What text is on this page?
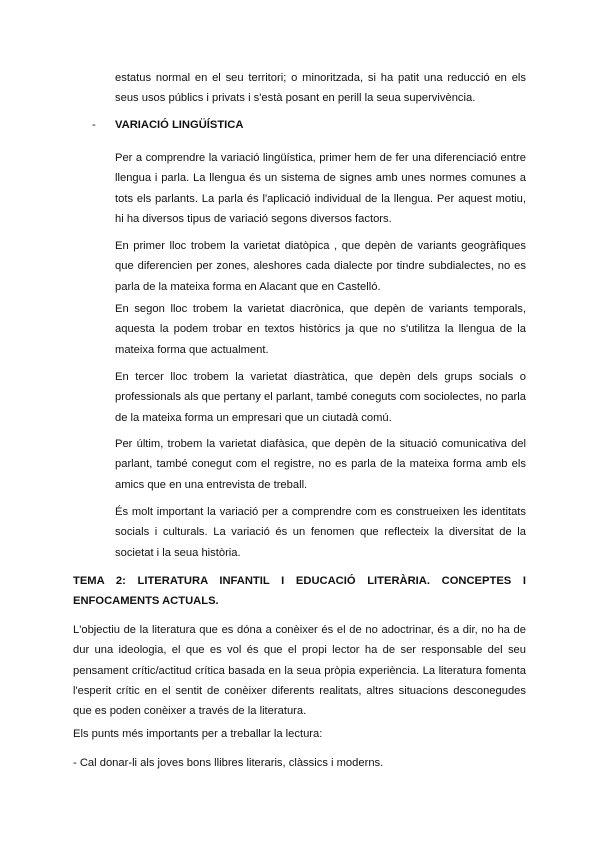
estatus normal en el seu territori; o minoritzada, si ha patit una reducció en els seus usos públics i privats i s'està posant en perill la seua supervivència.

- VARIACIÓ LINGÜÍSTICA

Per a comprendre la variació lingüística, primer hem de fer una diferenciació entre llengua i parla. La llengua és un sistema de signes amb unes normes comunes a tots els parlants. La parla és l'aplicació individual de la llengua. Per aquest motiu, hi ha diversos tipus de variació segons diversos factors.

En primer lloc trobem la varietat diatòpica , que depèn de variants geogràfiques que diferencien per zones, aleshores cada dialecte por tindre subdialectes, no es parla de la mateixa forma en Alacant que en Castelló.

En segon lloc trobem la varietat diacrònica, que depèn de variants temporals, aquesta la podem trobar en textos històrics ja que no s'utilitza la llengua de la mateixa forma que actualment.

En tercer lloc trobem la varietat diastràtica, que depèn dels grups socials o professionals als que pertany el parlant, també coneguts com sociolectes, no parla de la mateixa forma un empresari que un ciutadà comú.

Per últim, trobem la varietat diafàsica, que depèn de la situació comunicativa del parlant, també conegut com el registre, no es parla de la mateixa forma amb els amics que en una entrevista de treball.

És molt important la variació per a comprendre com es construeixen les identitats socials i culturals. La variació és un fenomen que reflecteix la diversitat de la societat i la seua història.

TEMA 2: LITERATURA INFANTIL I EDUCACIÓ LITERÀRIA. CONCEPTES I ENFOCAMENTS ACTUALS.

L'objectiu de la literatura que es dóna a conèixer és el de no adoctrinar, és a dir, no ha de dur una ideologia, el que es vol és que el propi lector ha de ser responsable del seu pensament crític/actitud crítica basada en la seua pròpia experiència. La literatura fomenta l'esperit crític en el sentit de conèixer diferents realitats, altres situacions desconegudes que es poden conèixer a través de la literatura.

Els punts més importants per a treballar la lectura:

- Cal donar-li als joves bons llibres literaris, clàssics i moderns.
